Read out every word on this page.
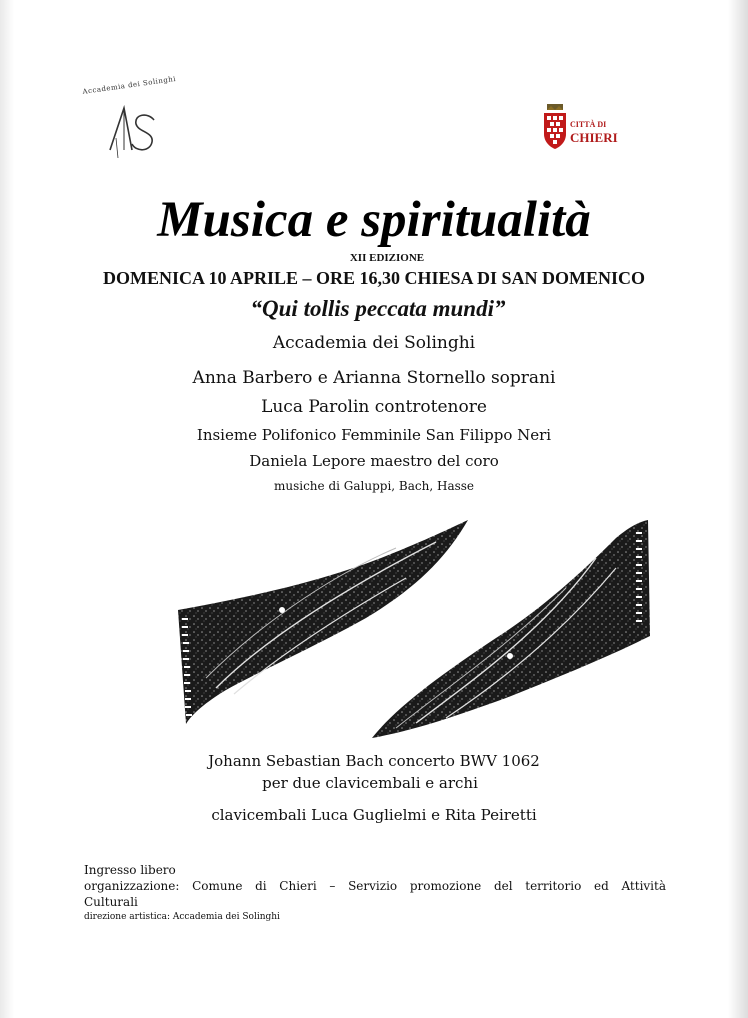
Accademia dei Solinghi
CITTÀ DI
CHIERI
Musica e spiritualità
XII EDIZIONE
DOMENICA 10 APRILE – ORE 16,30 CHIESA DI SAN DOMENICO
“Qui tollis peccata mundi”
Accademia dei Solinghi
Anna Barbero e Arianna Stornello soprani
Luca Parolin controtenore
Insieme Polifonico Femminile San Filippo Neri
Daniela Lepore maestro del coro
musiche di Galuppi, Bach, Hasse
Johann Sebastian Bach concerto BWV 1062
per due clavicembali e archi
clavicembali Luca Guglielmi e Rita Peiretti
Ingresso libero
organizzazione: Comune di Chieri – Servizio promozione del territorio ed Attività
Culturali
direzione artistica: Accademia dei Solinghi
